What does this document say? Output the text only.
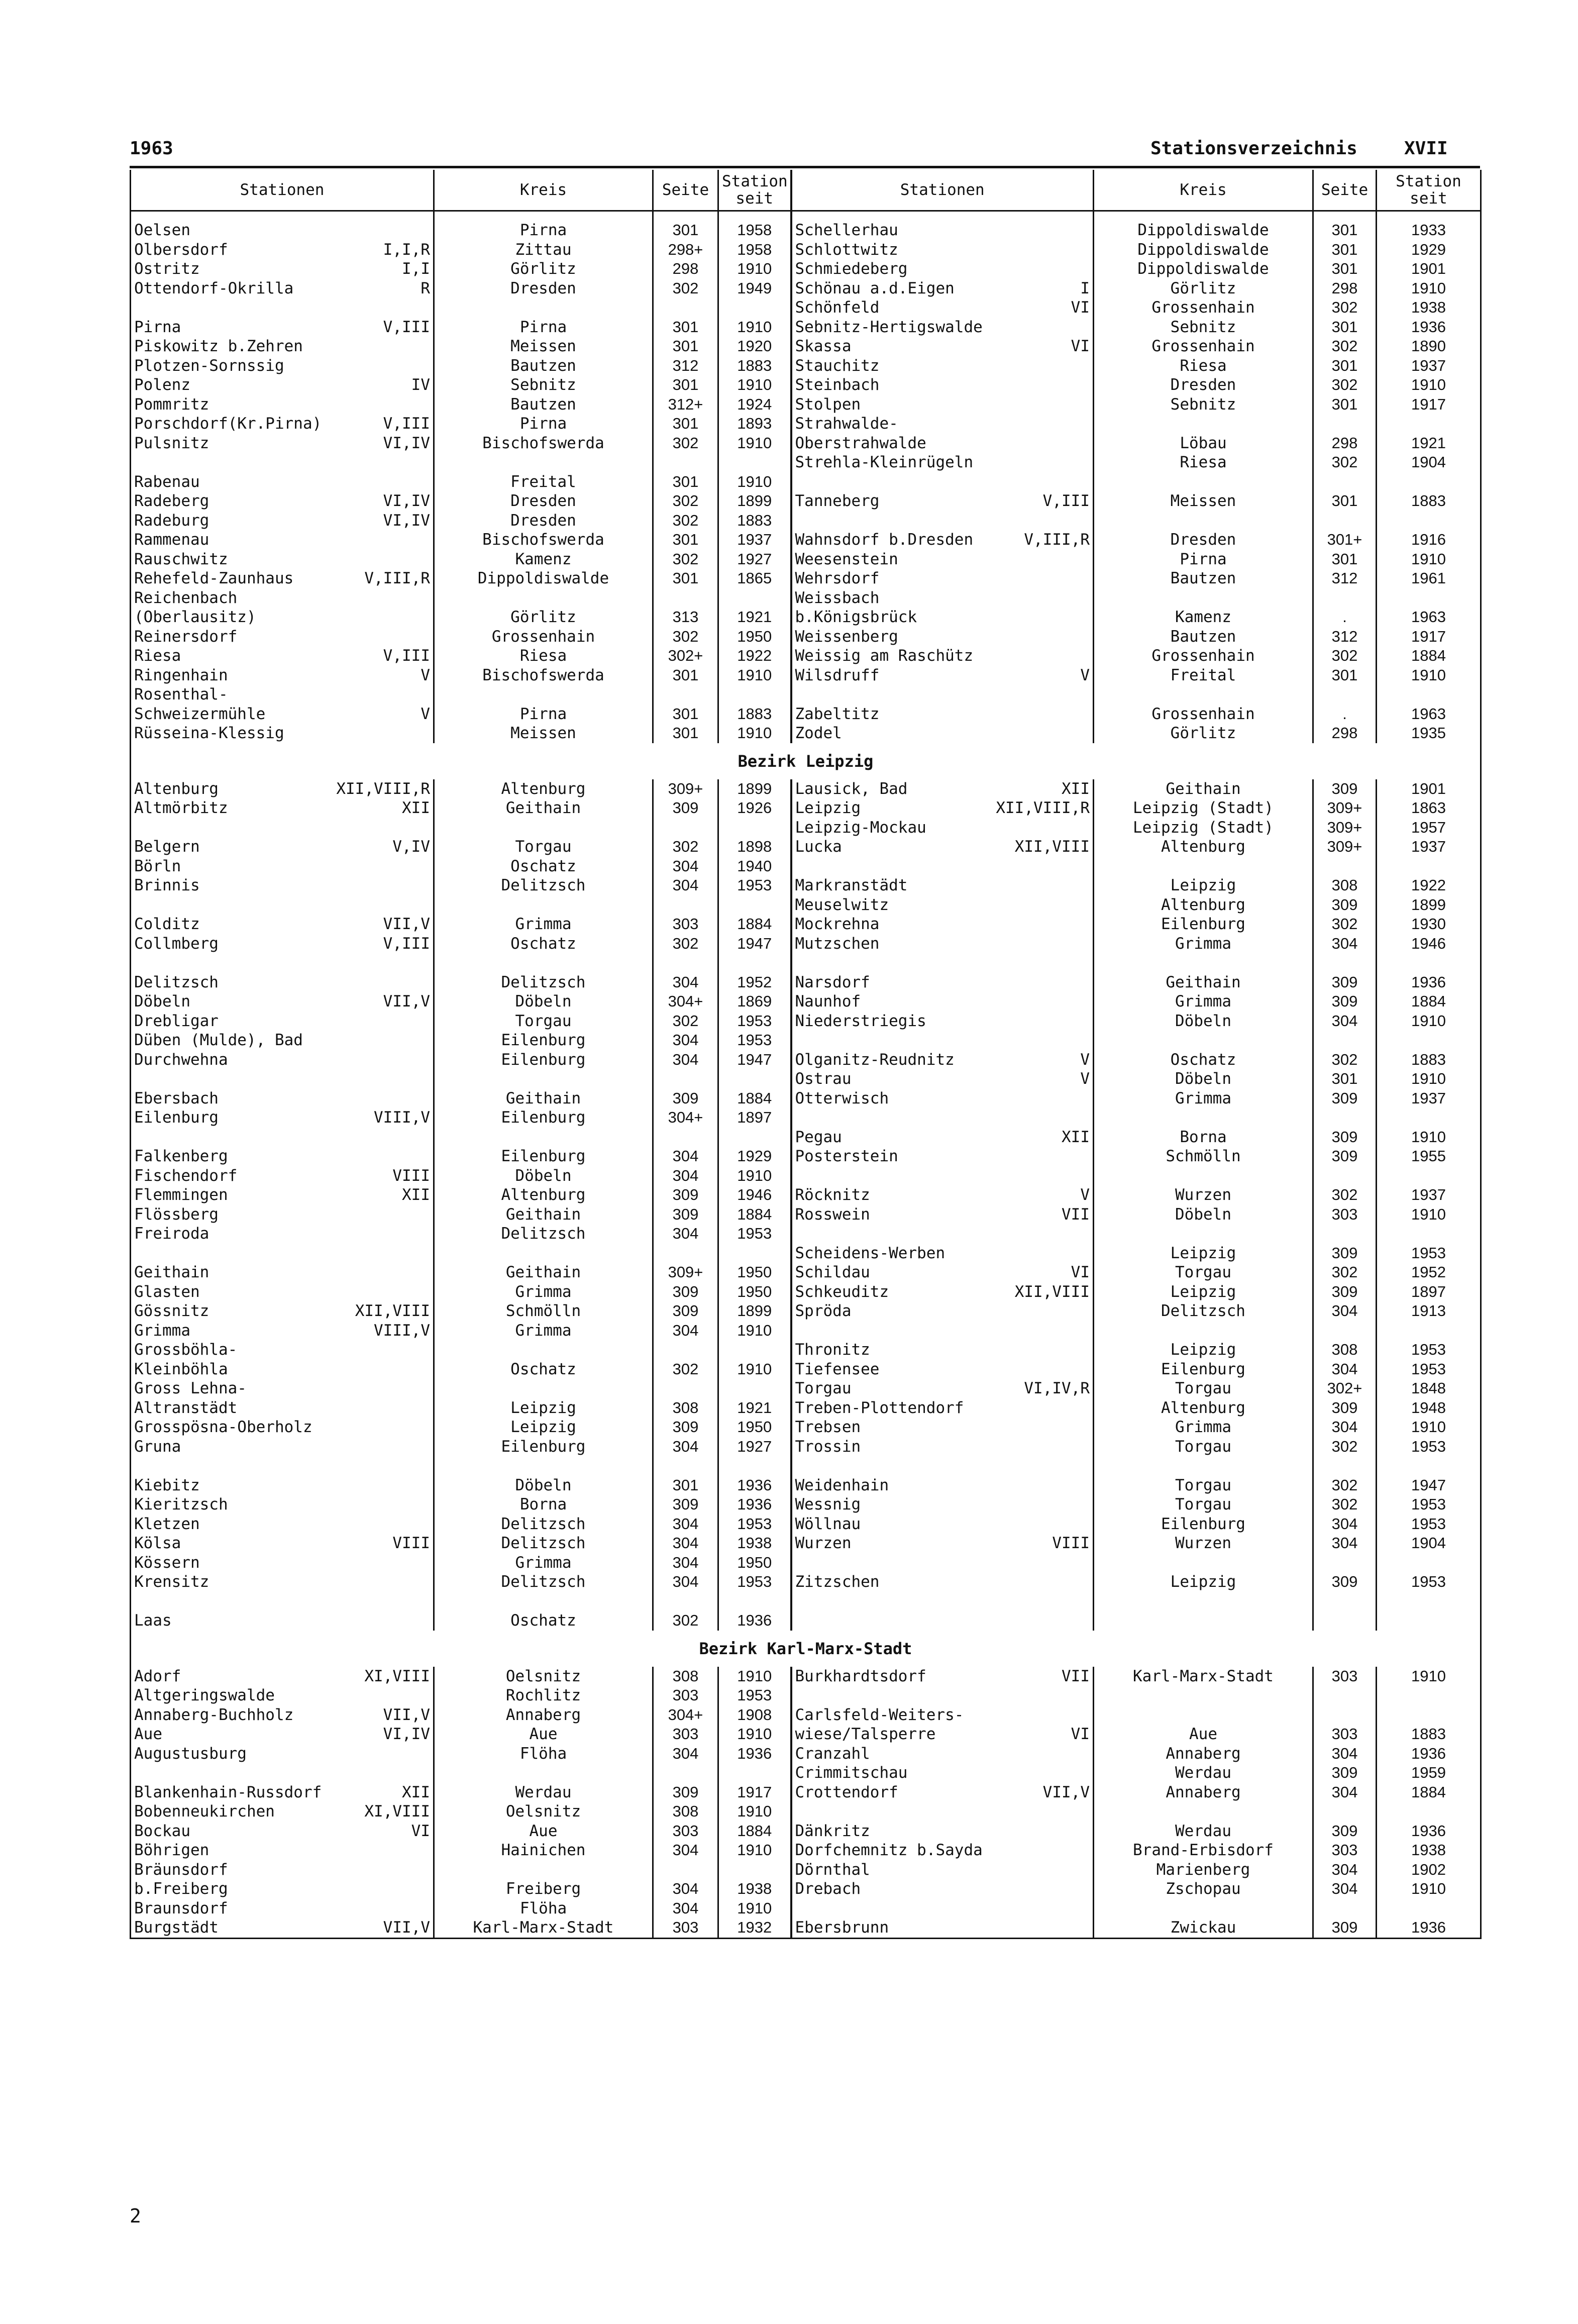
1963	Stationsverzeichnis	XVII
Stationen	Kreis	Seite	Station seit	Stationen	Kreis	Seite	Station seit

Oelsen	Pirna	301	1958	Schellerhau	Dippoldiswalde	301	1933

Olbersdorf I,I,R	Zittau	298+	1958	Schlottwitz	Dippoldiswalde	301	1929

Ostritz I,I	Görlitz	298	1910	Schmiedeberg	Dippoldiswalde	301	1901

Ottendorf-Okrilla R	Dresden	302	1949	Schönau a.d.Eigen I	Görlitz	298	1910

				Schönfeld VI	Grossenhain	302	1938

Pirna V,III	Pirna	301	1910	Sebnitz-Hertigswalde	Sebnitz	301	1936

Piskowitz b.Zehren	Meissen	301	1920	Skassa VI	Grossenhain	302	1890

Plotzen-Sornssig	Bautzen	312	1883	Stauchitz	Riesa	301	1937

Polenz IV	Sebnitz	301	1910	Steinbach	Dresden	302	1910

Pommritz	Bautzen	312+	1924	Stolpen	Sebnitz	301	1917

Porschdorf(Kr.Pirna) V,III	Pirna	301	1893	Strahwalde-			

Pulsnitz VI,IV	Bischofswerda	302	1910	Oberstrahwalde	Löbau	298	1921

				Strehla-Kleinrügeln	Riesa	302	1904

Rabenau	Freital	301	1910	

Radeberg VI,IV	Dresden	302	1899	Tanneberg V,III	Meissen	301	1883

Radeburg VI,IV	Dresden	302	1883	

Rammenau	Bischofswerda	301	1937	Wahnsdorf b.Dresden V,III,R	Dresden	301+	1916

Rauschwitz	Kamenz	302	1927	Weesenstein	Pirna	301	1910

Rehefeld-Zaunhaus V,III,R	Dippoldiswalde	301	1865	Wehrsdorf	Bautzen	312	1961

Reichenbach				Weissbach			

(Oberlausitz)	Görlitz	313	1921	b.Königsbrück	Kamenz	.	1963

Reinersdorf	Grossenhain	302	1950	Weissenberg	Bautzen	312	1917

Riesa V,III	Riesa	302+	1922	Weissig am Raschütz	Grossenhain	302	1884

Ringenhain V	Bischofswerda	301	1910	Wilsdruff V	Freital	301	1910

Rosenthal-							

Schweizermühle V	Pirna	301	1883	Zabeltitz	Grossenhain	.	1963

Rüsseina-Klessig	Meissen	301	1910	Zodel	Görlitz	298	1935
Bezirk Leipzig							

Altenburg XII,VIII,R	Altenburg	309+	1899	Lausick, Bad XII	Geithain	309	1901

Altmörbitz XII	Geithain	309	1926	Leipzig XII,VIII,R	Leipzig (Stadt)	309+	1863

				Leipzig-Mockau	Leipzig (Stadt)	309+	1957

Belgern V,IV	Torgau	302	1898	Lucka XII,VIII	Altenburg	309+	1937

Börln	Oschatz	304	1940	

Brinnis	Delitzsch	304	1953	Markranstädt	Leipzig	308	1922

				Meuselwitz	Altenburg	309	1899

Colditz VII,V	Grimma	303	1884	Mockrehna	Eilenburg	302	1930

Collmberg V,III	Oschatz	302	1947	Mutzschen	Grimma	304	1946

Delitzsch	Delitzsch	304	1952	Narsdorf	Geithain	309	1936

Döbeln VII,V	Döbeln	304+	1869	Naunhof	Grimma	309	1884

Drebligar	Torgau	302	1953	Niederstriegis	Döbeln	304	1910

Düben (Mulde), Bad	Eilenburg	304	1953	

Durchwehna	Eilenburg	304	1947	Olganitz-Reudnitz V	Oschatz	302	1883

				Ostrau V	Döbeln	301	1910

Ebersbach	Geithain	309	1884	Otterwisch	Grimma	309	1937

Eilenburg VIII,V	Eilenburg	304+	1897	

				Pegau XII	Borna	309	1910

Falkenberg	Eilenburg	304	1929	Posterstein	Schmölln	309	1955

Fischendorf VIII	Döbeln	304	1910	

Flemmingen XII	Altenburg	309	1946	Röcknitz V	Wurzen	302	1937

Flössberg	Geithain	309	1884	Rosswein VII	Döbeln	303	1910

Freiroda	Delitzsch	304	1953	

				Scheidens-Werben	Leipzig	309	1953

Geithain	Geithain	309+	1950	Schildau VI	Torgau	302	1952

Glasten	Grimma	309	1950	Schkeuditz XII,VIII	Leipzig	309	1897

Gössnitz XII,VIII	Schmölln	309	1899	Spröda	Delitzsch	304	1913

Grimma VIII,V	Grimma	304	1910	

Grossböhla-				Thronitz	Leipzig	308	1953

Kleinböhla	Oschatz	302	1910	Tiefensee	Eilenburg	304	1953

Gross Lehna-				Torgau VI,IV,R	Torgau	302+	1848

Altranstädt	Leipzig	308	1921	Treben-Plottendorf	Altenburg	309	1948

Grosspösna-Oberholz	Leipzig	309	1950	Trebsen	Grimma	304	1910

Gruna	Eilenburg	304	1927	Trossin	Torgau	302	1953

Kiebitz	Döbeln	301	1936	Weidenhain	Torgau	302	1947

Kieritzsch	Borna	309	1936	Wessnig	Torgau	302	1953

Kletzen	Delitzsch	304	1953	Wöllnau	Eilenburg	304	1953

Kölsa VIII	Delitzsch	304	1938	Wurzen VIII	Wurzen	304	1904

Kössern	Grimma	304	1950	

Krensitz	Delitzsch	304	1953	Zitzschen	Leipzig	309	1953

Laas	Oschatz	302	1936	

Bezirk Karl-Marx-Stadt							

Adorf XI,VIII	Oelsnitz	308	1910	Burkhardtsdorf VII	Karl-Marx-Stadt	303	1910

Altgeringswalde	Rochlitz	303	1953	

Annaberg-Buchholz VII,V	Annaberg	304+	1908	Carlsfeld-Weiters-			

Aue VI,IV	Aue	303	1910	wiese/Talsperre VI	Aue	303	1883

Augustusburg	Flöha	304	1936	Cranzahl	Annaberg	304	1936

				Crimmitschau	Werdau	309	1959

Blankenhain-Russdorf XII	Werdau	309	1917	Crottendorf VII,V	Annaberg	304	1884

Bobenneukirchen XI,VIII	Oelsnitz	308	1910	

Bockau VI	Aue	303	1884	Dänkritz	Werdau	309	1936

Böhrigen	Hainichen	304	1910	Dorfchemnitz b.Sayda	Brand-Erbisdorf	303	1938

Bräunsdorf				Dörnthal	Marienberg	304	1902

b.Freiberg	Freiberg	304	1938	Drebach	Zschopau	304	1910

Braunsdorf	Flöha	304	1910	

Burgstädt VII,V	Karl-Marx-Stadt	303	1932	Ebersbrunn	Zwickau	309	1936
2
